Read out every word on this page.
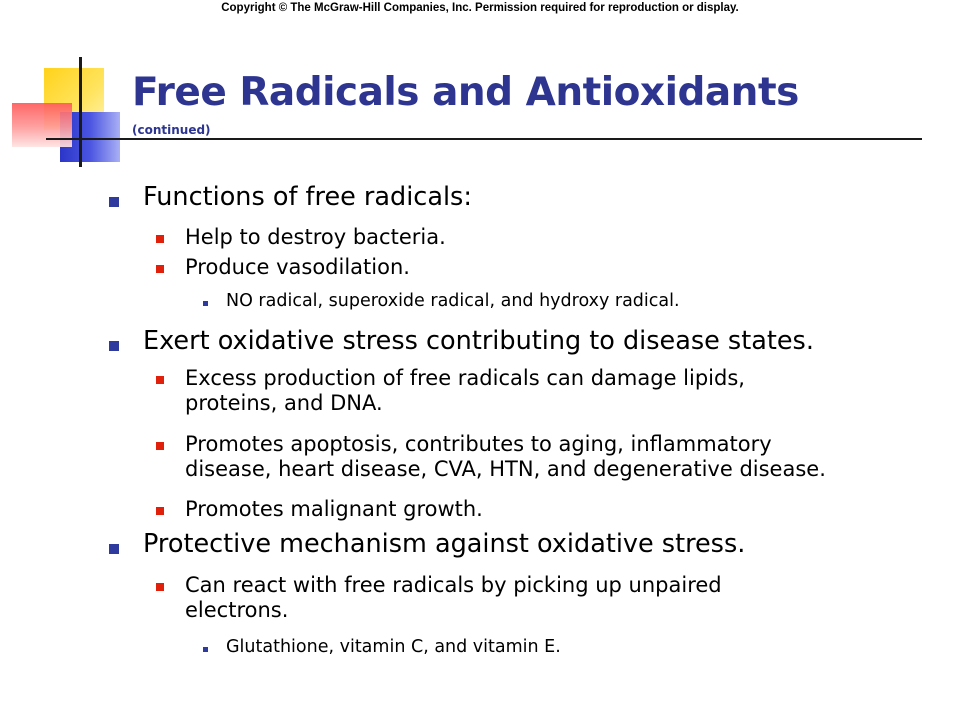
Copyright © The McGraw-Hill Companies, Inc. Permission required for reproduction or display.
Free Radicals and Antioxidants
(continued)
Functions of free radicals:
Help to destroy bacteria.
Produce vasodilation.
NO radical, superoxide radical, and hydroxy radical.
Exert oxidative stress contributing to disease states.
Excess production of free radicals can damage lipids,
proteins, and DNA.
Promotes apoptosis, contributes to aging, inflammatory
disease, heart disease, CVA, HTN, and degenerative disease.
Promotes malignant growth.
Protective mechanism against oxidative stress.
Can react with free radicals by picking up unpaired
electrons.
Glutathione, vitamin C, and vitamin E.
